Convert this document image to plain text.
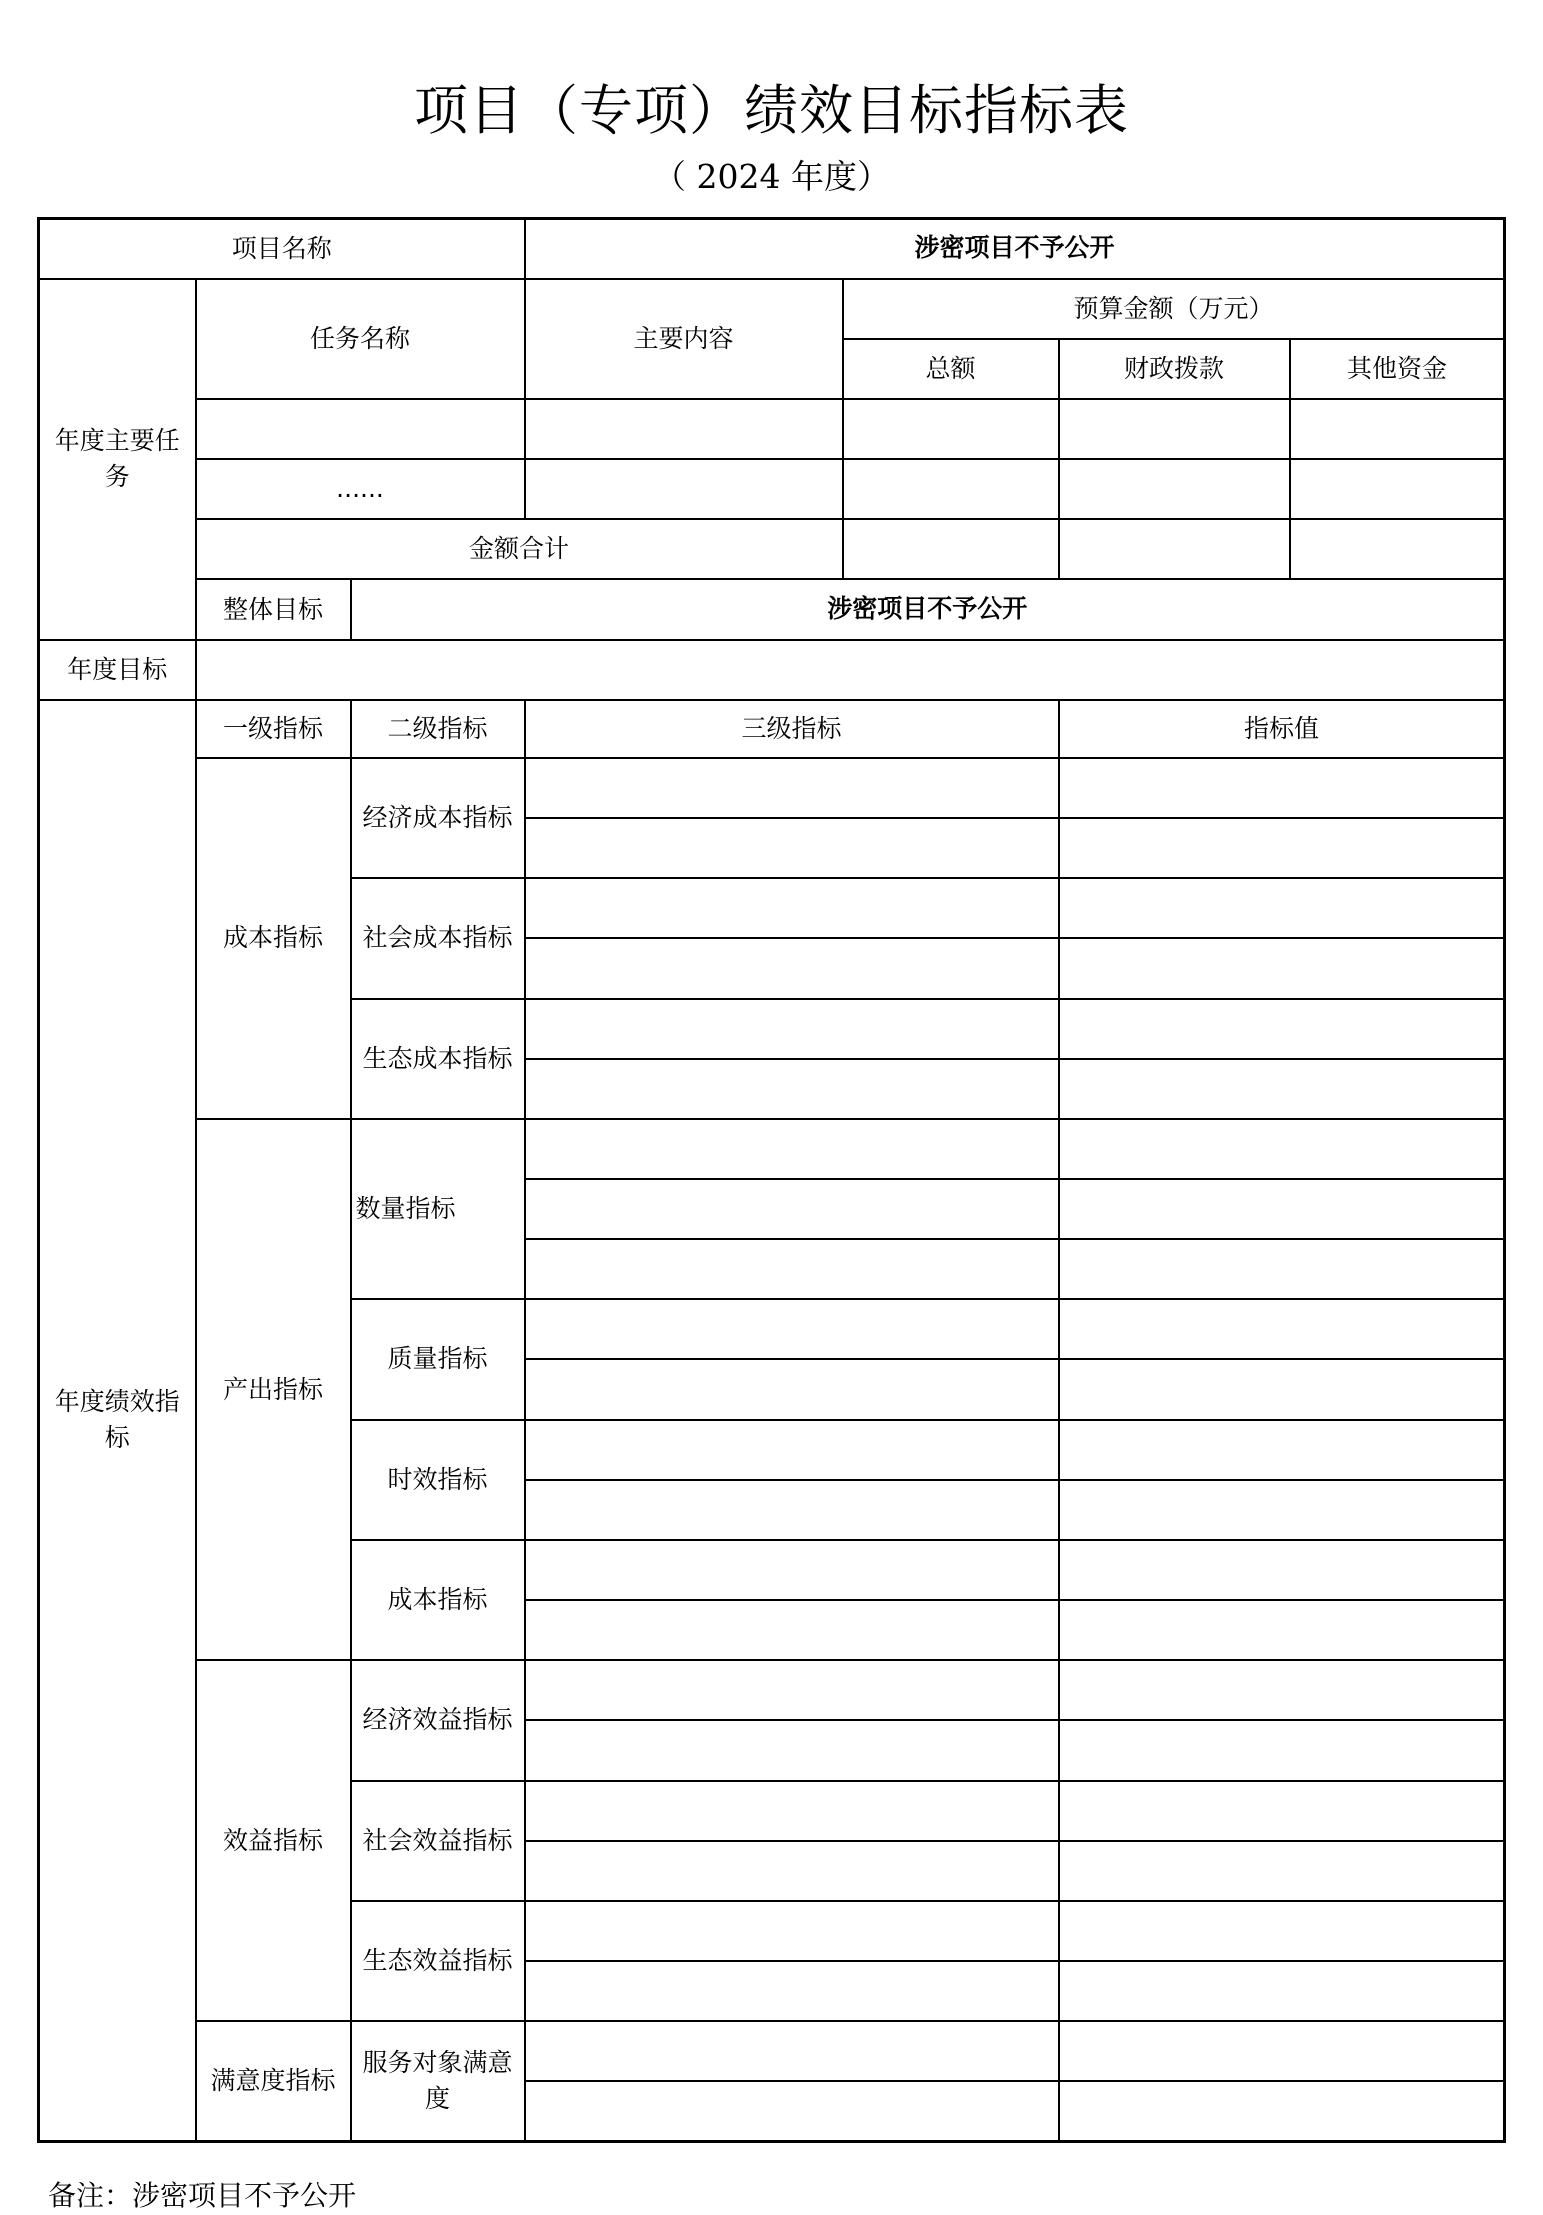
项目（专项）绩效目标指标表
（ 2024 年度）
项目名称			涉密项目不予公开			
年度主要任务	任务名称		主要内容	预算金额（万元）		
				总额	财政拨款	其他资金

	......					
	金额合计					
	整体目标	涉密项目不予公开				
年度目标						
年度绩效指标	一级指标	二级指标	三级指标		指标值	
	成本指标	经济成本指标				

		社会成本指标				

		生态成本指标				

	产出指标	数量指标				

		质量指标				

		时效指标				

		成本指标				

	效益指标	经济效益指标				

		社会效益指标				

		生态效益指标				

	满意度指标	服务对象满意度				

备注：涉密项目不予公开
